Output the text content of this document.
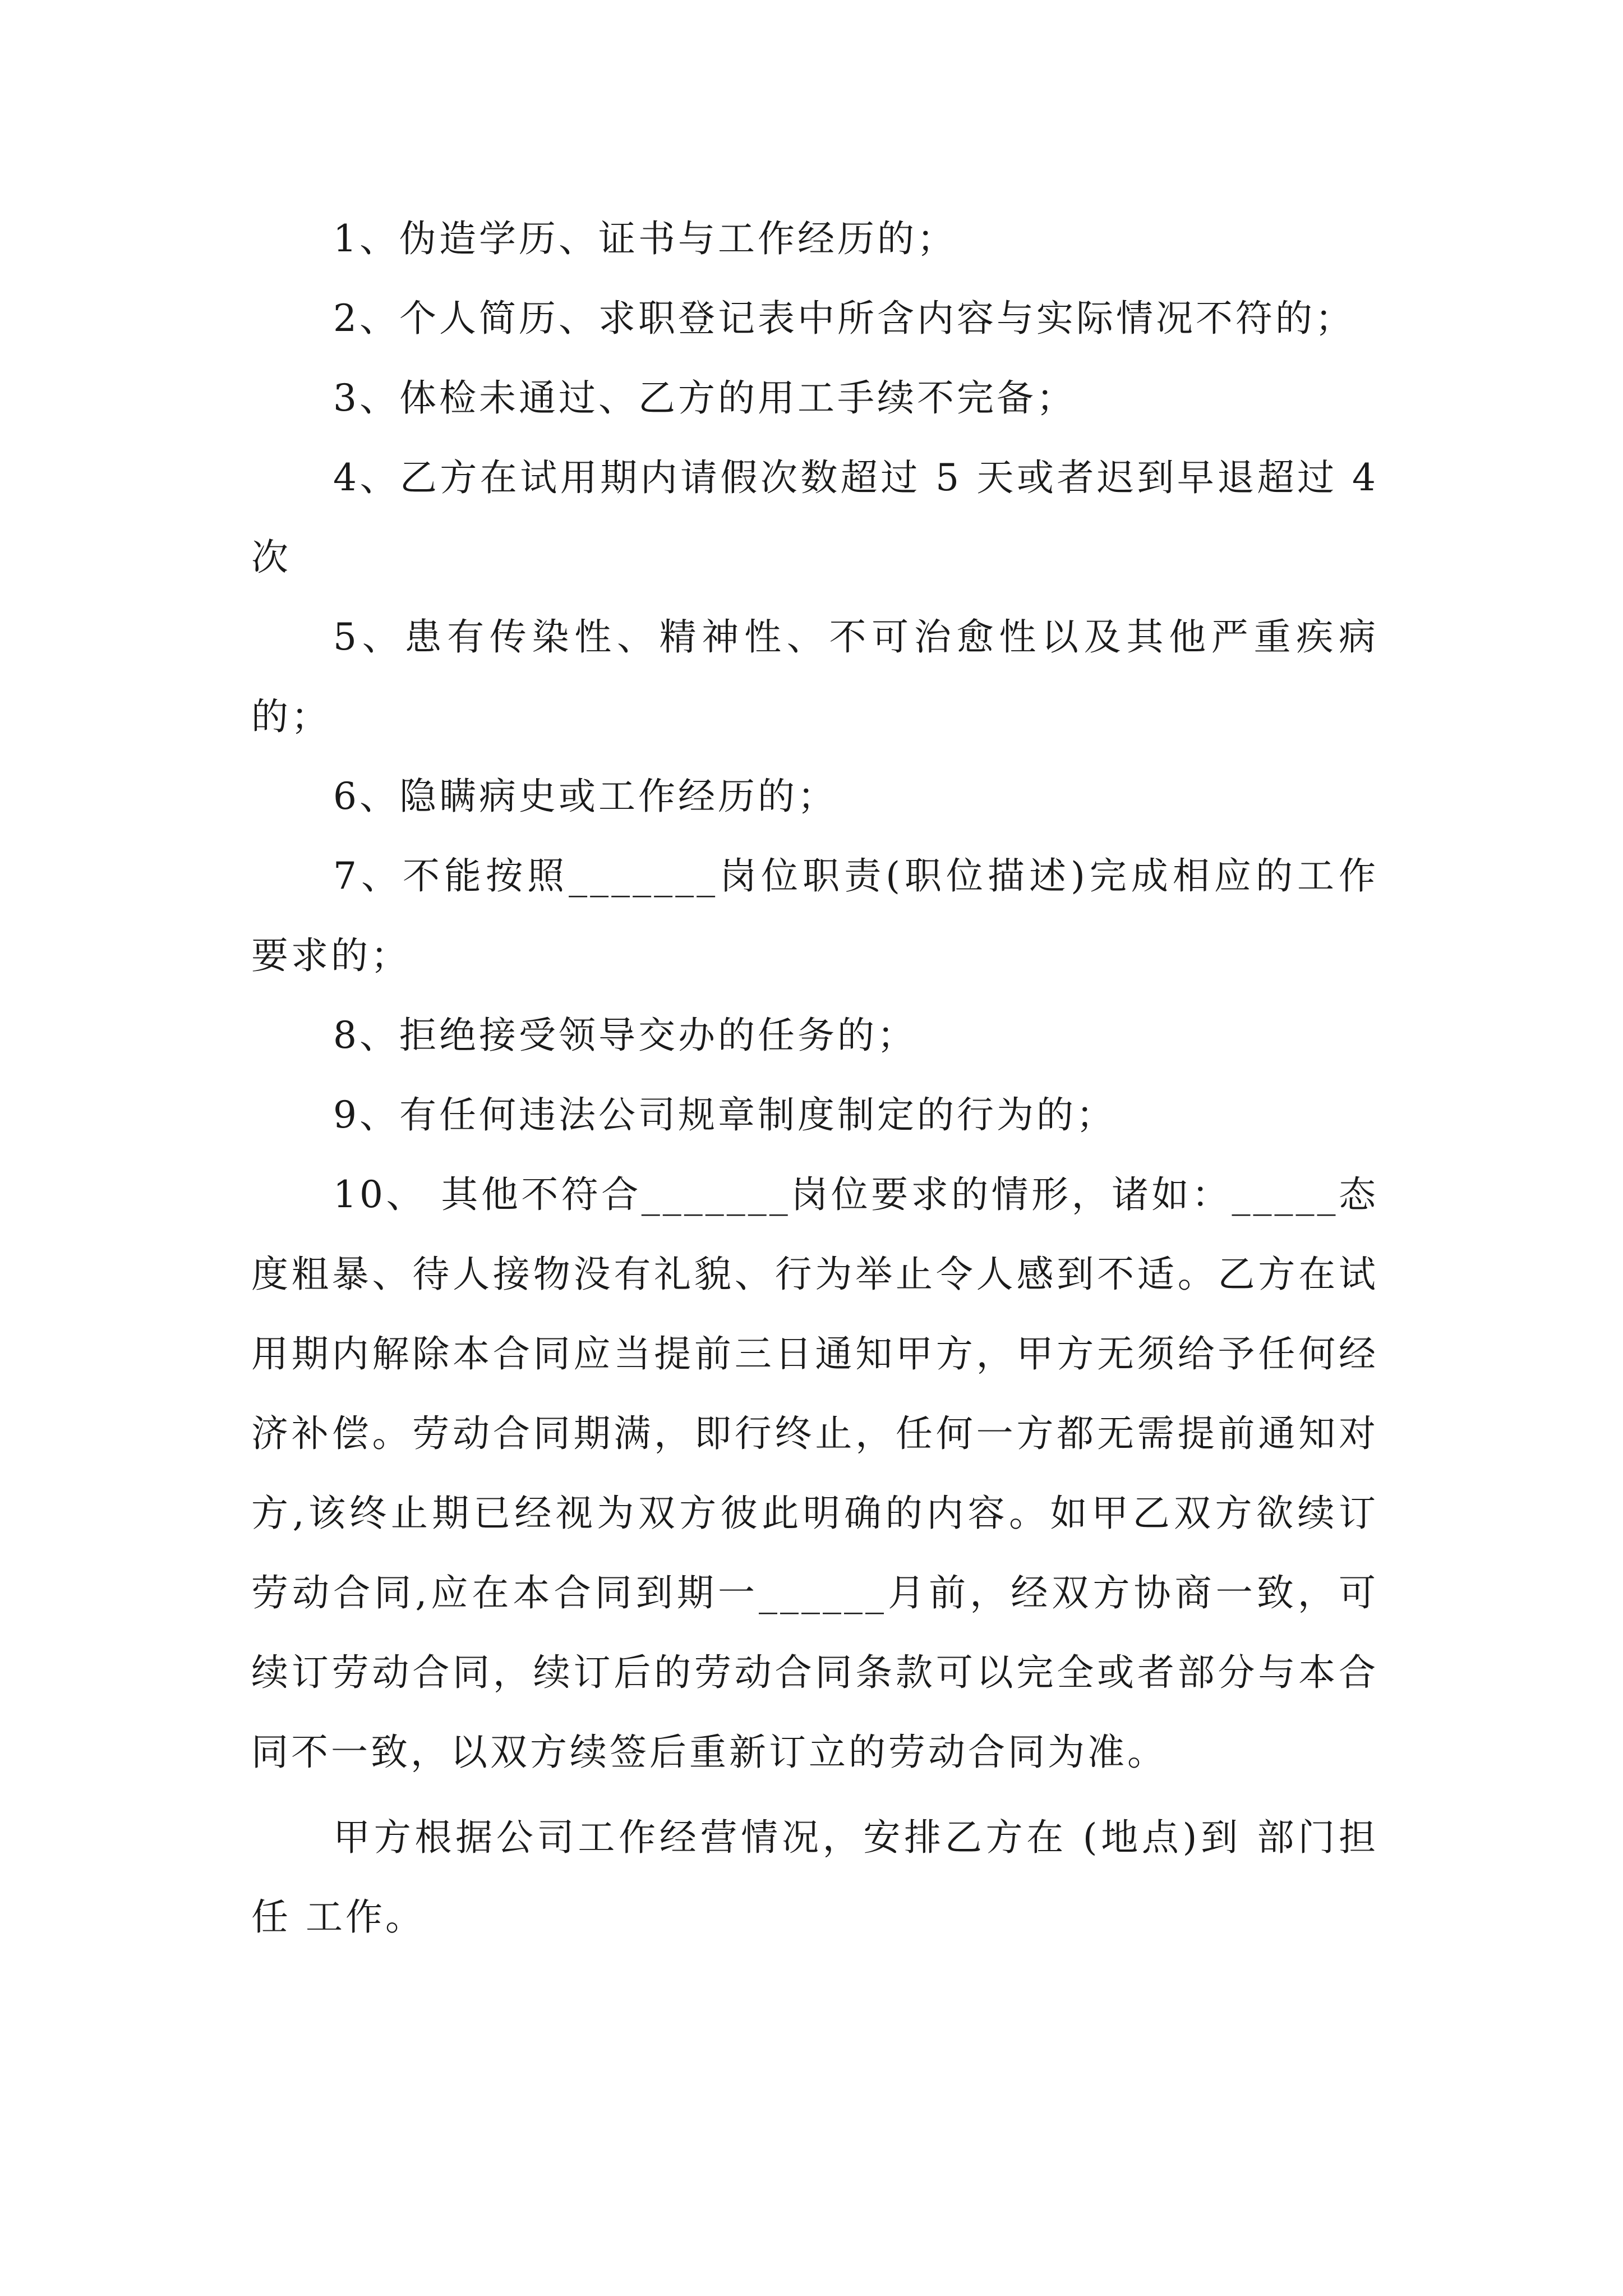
1、伪造学历、证书与工作经历的；

2、个人简历、求职登记表中所含内容与实际情况不符的；

3、体检未通过、乙方的用工手续不完备；

4、乙方在试用期内请假次数超过 5 天或者迟到早退超过 4 次

5、患有传染性、精神性、不可治愈性以及其他严重疾病的；

6、隐瞒病史或工作经历的；

7、不能按照_______岗位职责(职位描述)完成相应的工作要求的；

8、拒绝接受领导交办的任务的；

9、有任何违法公司规章制度制定的行为的；

10、 其他不符合_______岗位要求的情形，诸如：_____态度粗暴、待人接物没有礼貌、行为举止令人感到不适。乙方在试用期内解除本合同应当提前三日通知甲方，甲方无须给予任何经济补偿。劳动合同期满，即行终止，任何一方都无需提前通知对方,该终止期已经视为双方彼此明确的内容。如甲乙双方欲续订劳动合同,应在本合同到期一______月前，经双方协商一致，可续订劳动合同，续订后的劳动合同条款可以完全或者部分与本合同不一致，以双方续签后重新订立的劳动合同为准。

甲方根据公司工作经营情况，安排乙方在 (地点)到 部门担任 工作。
